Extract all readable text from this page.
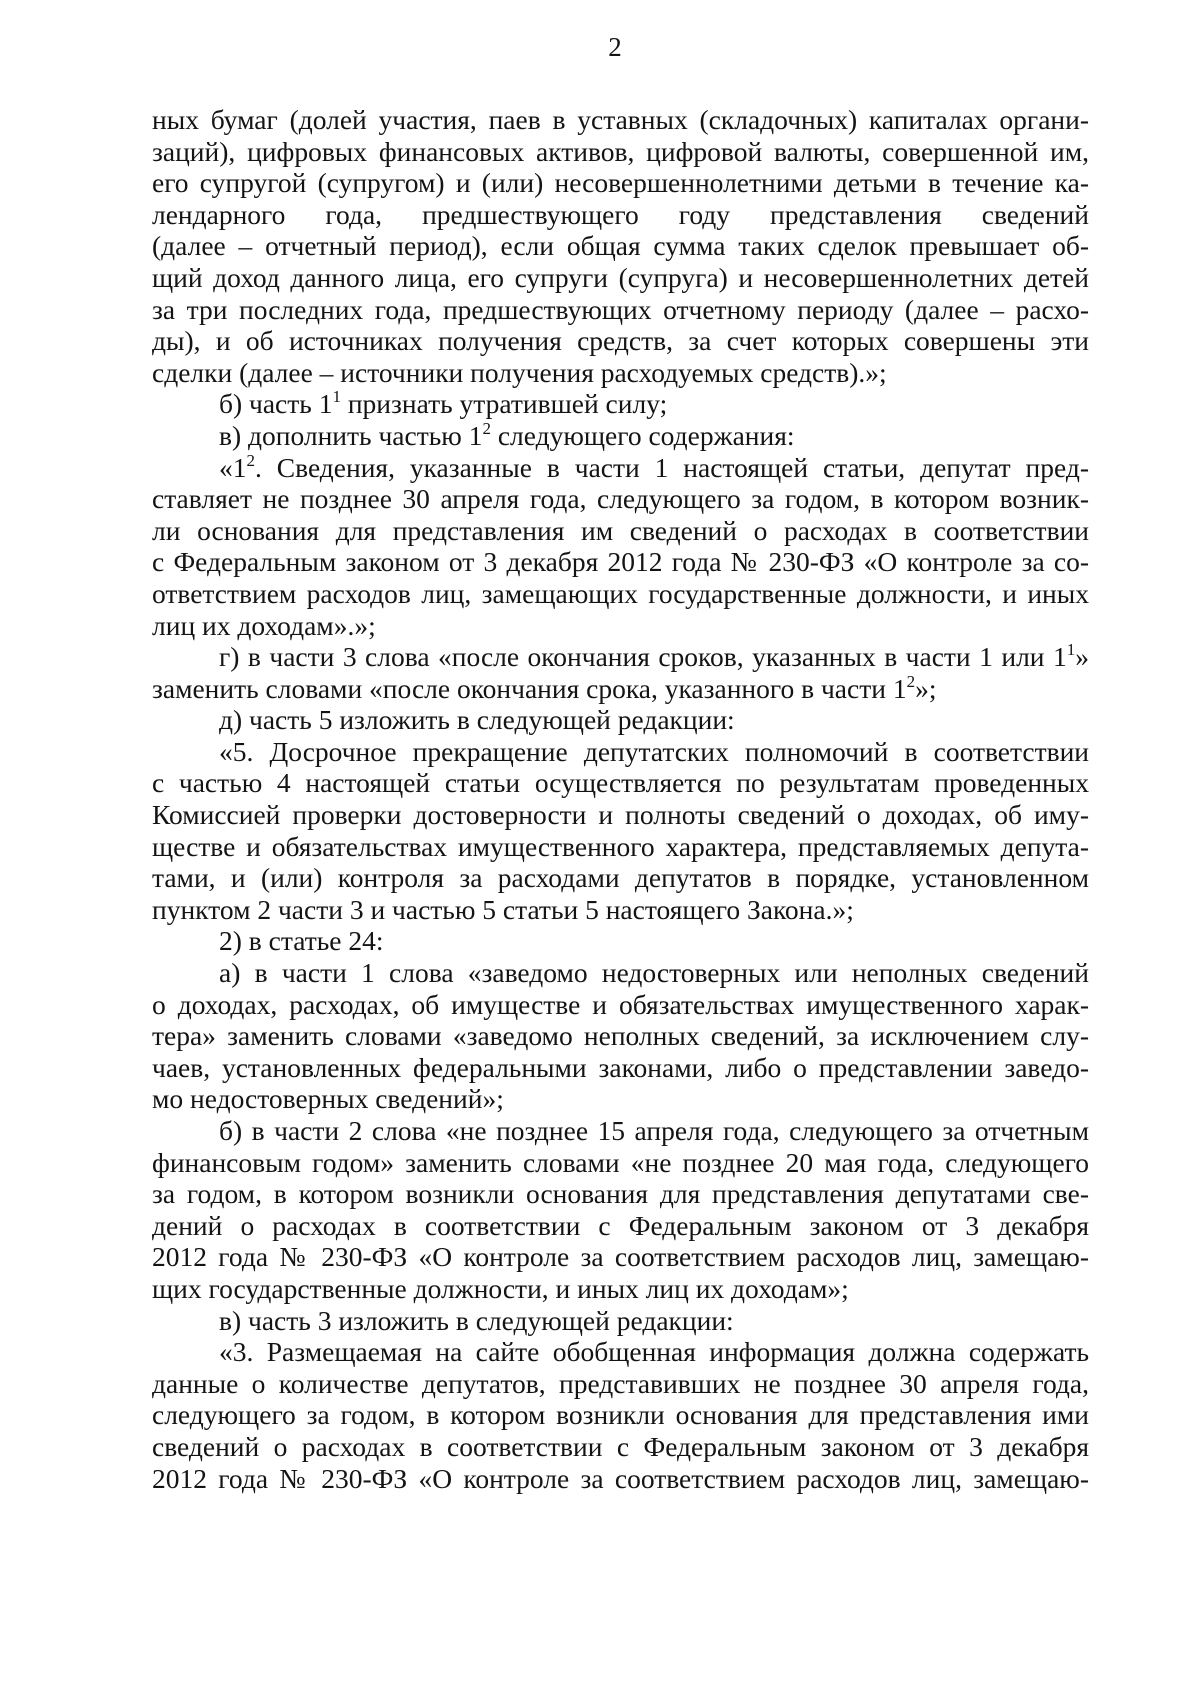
2
ных бумаг (долей участия, паев в уставных (складочных) капиталах органи-
заций), цифровых финансовых активов, цифровой валюты, совершенной им,
его супругой (супругом) и (или) несовершеннолетними детьми в течение ка-
лендарного года, предшествующего году представления сведений
(далее – отчетный период), если общая сумма таких сделок превышает об-
щий доход данного лица, его супруги (супруга) и несовершеннолетних детей
за три последних года, предшествующих отчетному периоду (далее – расхо-
ды), и об источниках получения средств, за счет которых совершены эти
сделки (далее – источники получения расходуемых средств).»;
б) часть $1^1$ признать утратившей силу;
в) дополнить частью $1^2$ следующего содержания:
«$1^2$. Сведения, указанные в части 1 настоящей статьи, депутат пред-
ставляет не позднее 30 апреля года, следующего за годом, в котором возник-
ли основания для представления им сведений о расходах в соответствии
с Федеральным законом от 3 декабря 2012 года № 230-ФЗ «О контроле за со-
ответствием расходов лиц, замещающих государственные должности, и иных
лиц их доходам».»;
г) в части 3 слова «после окончания сроков, указанных в части 1 или $1^1$»
заменить словами «после окончания срока, указанного в части $1^2$»;
д) часть 5 изложить в следующей редакции:
«5. Досрочное прекращение депутатских полномочий в соответствии
с частью 4 настоящей статьи осуществляется по результатам проведенных
Комиссией проверки достоверности и полноты сведений о доходах, об иму-
ществе и обязательствах имущественного характера, представляемых депута-
тами, и (или) контроля за расходами депутатов в порядке, установленном
пунктом 2 части 3 и частью 5 статьи 5 настоящего Закона.»;
2) в статье 24:
а) в части 1 слова «заведомо недостоверных или неполных сведений
о доходах, расходах, об имуществе и обязательствах имущественного харак-
тера» заменить словами «заведомо неполных сведений, за исключением слу-
чаев, установленных федеральными законами, либо о представлении заведо-
мо недостоверных сведений»;
б) в части 2 слова «не позднее 15 апреля года, следующего за отчетным
финансовым годом» заменить словами «не позднее 20 мая года, следующего
за годом, в котором возникли основания для представления депутатами све-
дений о расходах в соответствии с Федеральным законом от 3 декабря
2012 года № 230-ФЗ «О контроле за соответствием расходов лиц, замещаю-
щих государственные должности, и иных лиц их доходам»;
в) часть 3 изложить в следующей редакции:
«3. Размещаемая на сайте обобщенная информация должна содержать
данные о количестве депутатов, представивших не позднее 30 апреля года,
следующего за годом, в котором возникли основания для представления ими
сведений о расходах в соответствии с Федеральным законом от 3 декабря
2012 года № 230-ФЗ «О контроле за соответствием расходов лиц, замещаю-
